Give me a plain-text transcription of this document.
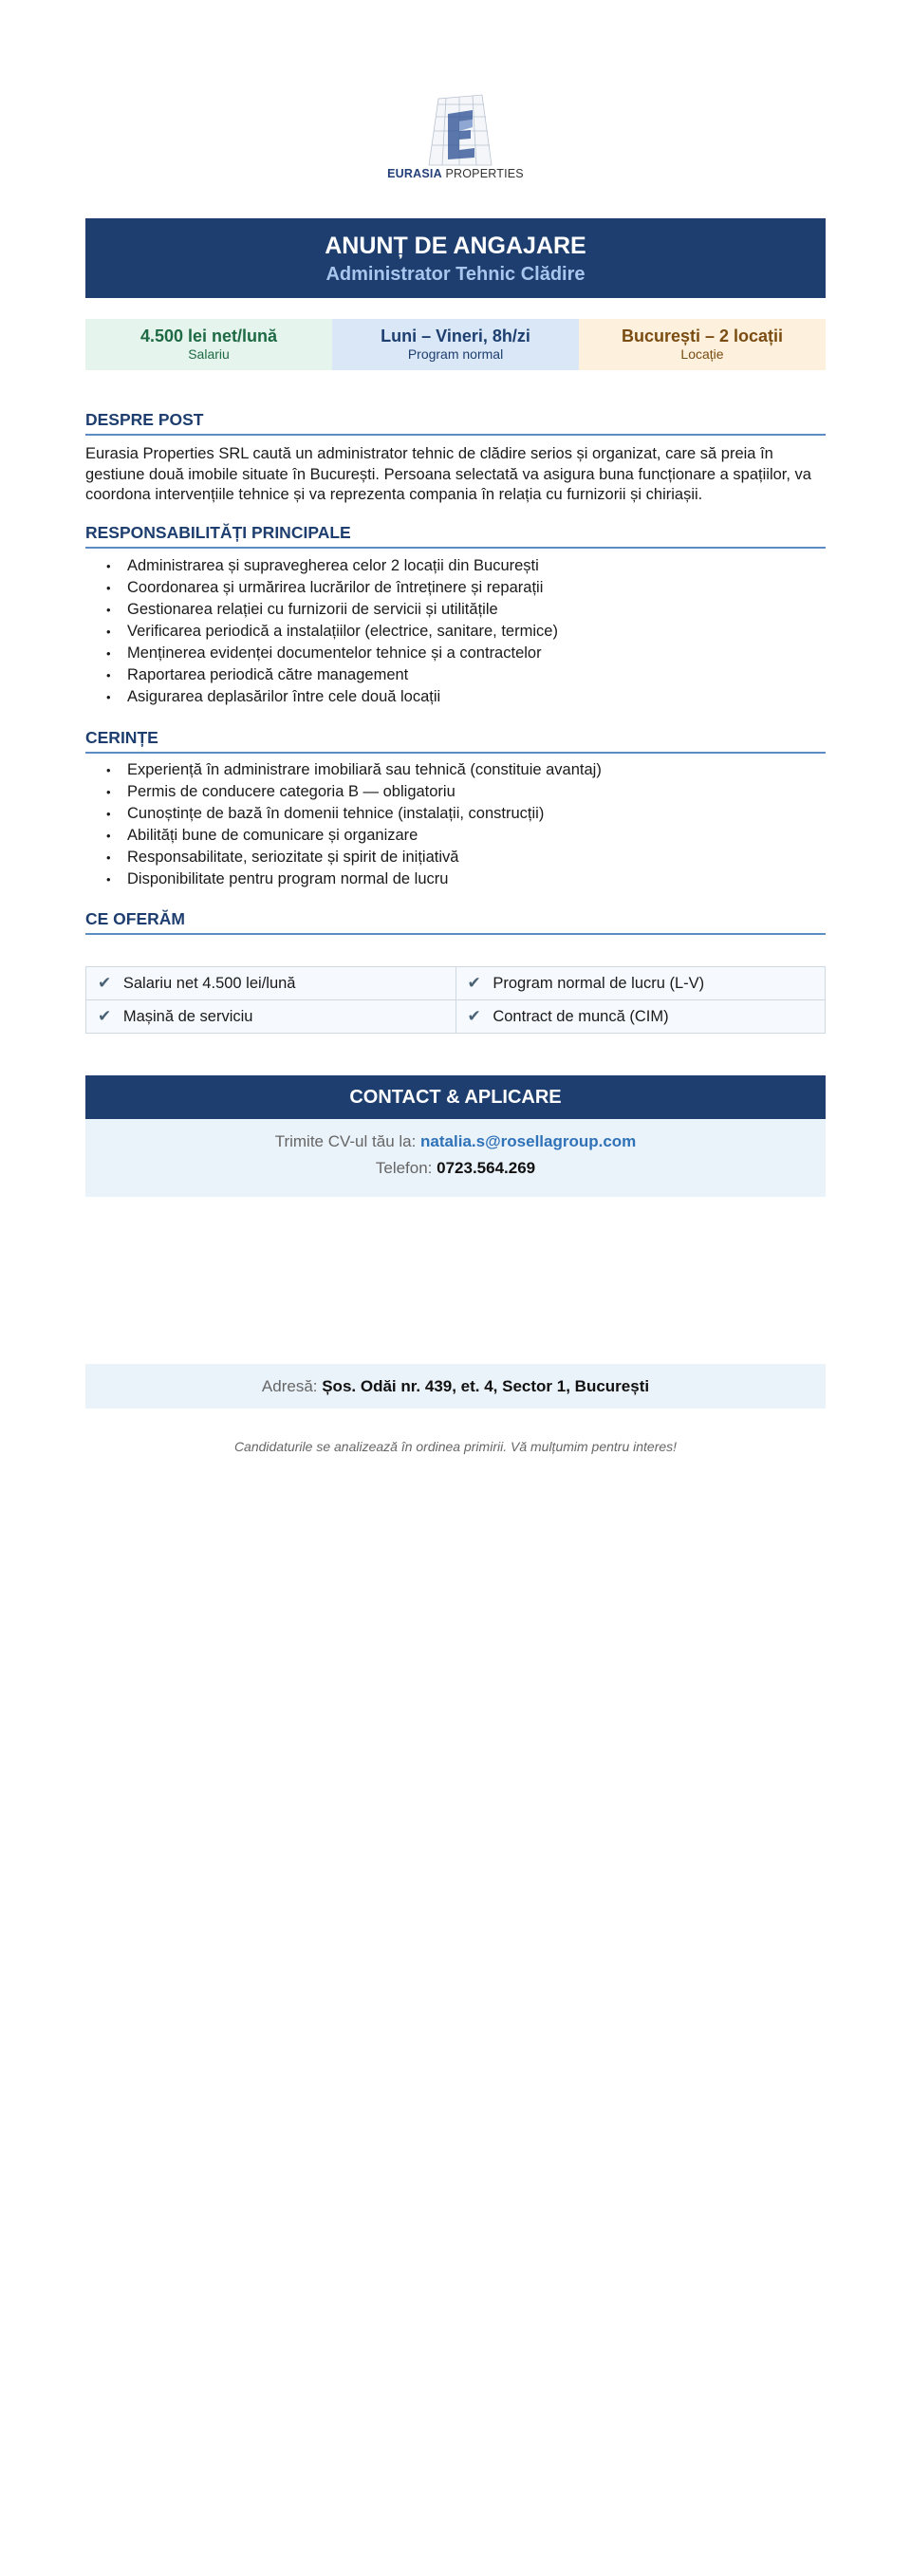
EURASIA PROPERTIES
ANUNȚ DE ANGAJARE
Administrator Tehnic Clădire
4.500 lei net/lună
Salariu
Luni – Vineri, 8h/zi
Program normal
București – 2 locații
Locație
DESPRE POST
Eurasia Properties SRL caută un administrator tehnic de clădire serios și organizat, care să preia în gestiune două imobile situate în București. Persoana selectată va asigura buna funcționare a spațiilor, va coordona intervențiile tehnice și va reprezenta compania în relația cu furnizorii și chiriașii.
RESPONSABILITĂȚI PRINCIPALE
• Administrarea și supravegherea celor 2 locații din București
• Coordonarea și urmărirea lucrărilor de întreținere și reparații
• Gestionarea relației cu furnizorii de servicii și utilitățile
• Verificarea periodică a instalațiilor (electrice, sanitare, termice)
• Menținerea evidenței documentelor tehnice și a contractelor
• Raportarea periodică către management
• Asigurarea deplasărilor între cele două locații
CERINȚE
• Experiență în administrare imobiliară sau tehnică (constituie avantaj)
• Permis de conducere categoria B — obligatoriu
• Cunoștințe de bază în domenii tehnice (instalații, construcții)
• Abilități bune de comunicare și organizare
• Responsabilitate, seriozitate și spirit de inițiativă
• Disponibilitate pentru program normal de lucru
CE OFERĂM
✔ Salariu net 4.500 lei/lună	✔ Program normal de lucru (L-V)
✔ Mașină de serviciu	✔ Contract de muncă (CIM)
CONTACT & APLICARE
Trimite CV-ul tău la: natalia.s@rosellagroup.com
Telefon: 0723.564.269
Adresă: Șos. Odăi nr. 439, et. 4, Sector 1, București
Candidaturile se analizează în ordinea primirii. Vă mulțumim pentru interes!
